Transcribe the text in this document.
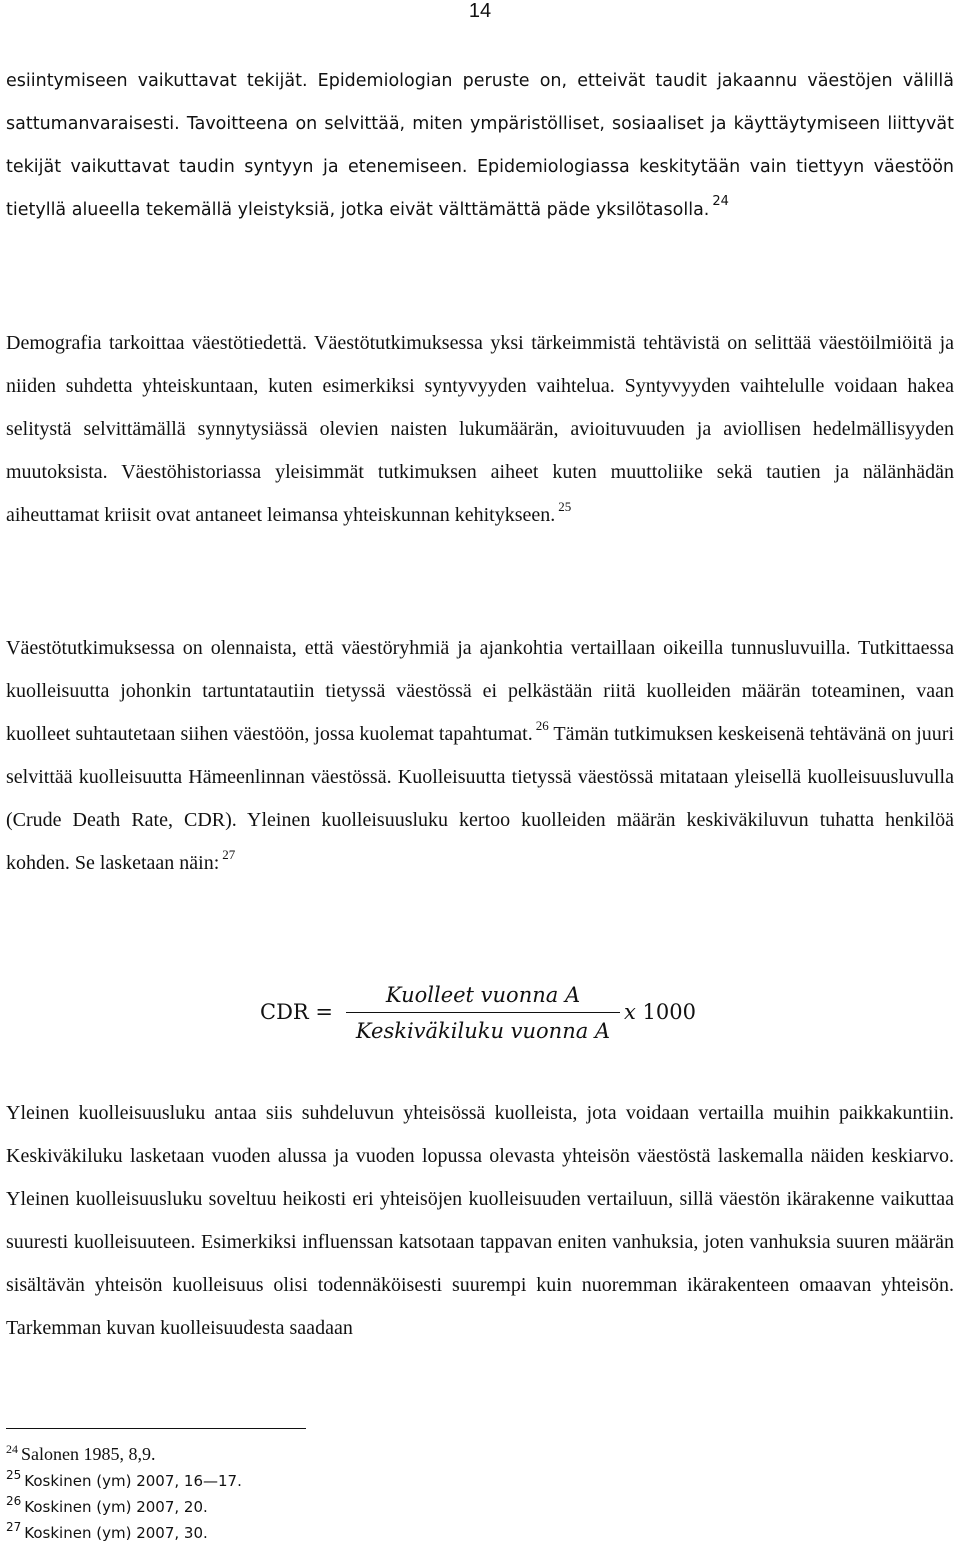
14

esiintymiseen vaikuttavat tekijät. Epidemiologian peruste on, etteivät taudit jakaannu väestöjen välillä sattumanvaraisesti. Tavoitteena on selvittää, miten ympäristölliset, sosiaaliset ja käyttäytymiseen liittyvät tekijät vaikuttavat taudin syntyyn ja etenemiseen. Epidemiologiassa keskitytään vain tiettyyn väestöön tietyllä alueella tekemällä yleistyksiä, jotka eivät välttämättä päde yksilötasolla. $^{24}$

Demografia tarkoittaa väestötiedettä. Väestötutkimuksessa yksi tärkeimmistä tehtävistä on selittää väestöilmiöitä ja niiden suhdetta yhteiskuntaan, kuten esimerkiksi syntyvyyden vaihtelua. Syntyvyyden vaihtelulle voidaan hakea selitystä selvittämällä synnytysiässä olevien naisten lukumäärän, avioituvuuden ja aviollisen hedelmällisyyden muutoksista. Väestöhistoriassa yleisimmät tutkimuksen aiheet kuten muuttoliike sekä tautien ja nälänhädän aiheuttamat kriisit ovat antaneet leimansa yhteiskunnan kehitykseen. $^{25}$

Väestötutkimuksessa on olennaista, että väestöryhmiä ja ajankohtia vertaillaan oikeilla tunnusluvuilla. Tutkittaessa kuolleisuutta johonkin tartuntatautiin tietyssä väestössä ei pelkästään riitä kuolleiden määrän toteaminen, vaan kuolleet suhtautetaan siihen väestöön, jossa kuolemat tapahtumat. $^{26}$ Tämän tutkimuksen keskeisenä tehtävänä on juuri selvittää kuolleisuutta Hämeenlinnan väestössä. Kuolleisuutta tietyssä väestössä mitataan yleisellä kuolleisuusluvulla (Crude Death Rate, CDR). Yleinen kuolleisuusluku kertoo kuolleiden määrän keskiväkiluvun tuhatta henkilöä kohden. Se lasketaan näin: $^{27}$

CDR =
Kuolleet vuonna A
Keskiväkiluku vuonna A
x 1000

Yleinen kuolleisuusluku antaa siis suhdeluvun yhteisössä kuolleista, jota voidaan vertailla muihin paikkakuntiin. Keskiväkiluku lasketaan vuoden alussa ja vuoden lopussa olevasta yhteisön väestöstä laskemalla näiden keskiarvo. Yleinen kuolleisuusluku soveltuu heikosti eri yhteisöjen kuolleisuuden vertailuun, sillä väestön ikärakenne vaikuttaa suuresti kuolleisuuteen. Esimerkiksi influenssan katsotaan tappavan eniten vanhuksia, joten vanhuksia suuren määrän sisältävän yhteisön kuolleisuus olisi todennäköisesti suurempi kuin nuoremman ikärakenteen omaavan yhteisön. Tarkemman kuvan kuolleisuudesta saadaan

$^{24}$ Salonen 1985, 8,9.
$^{25}$ Koskinen (ym) 2007, 16—17.
$^{26}$ Koskinen (ym) 2007, 20.
$^{27}$ Koskinen (ym) 2007, 30.
